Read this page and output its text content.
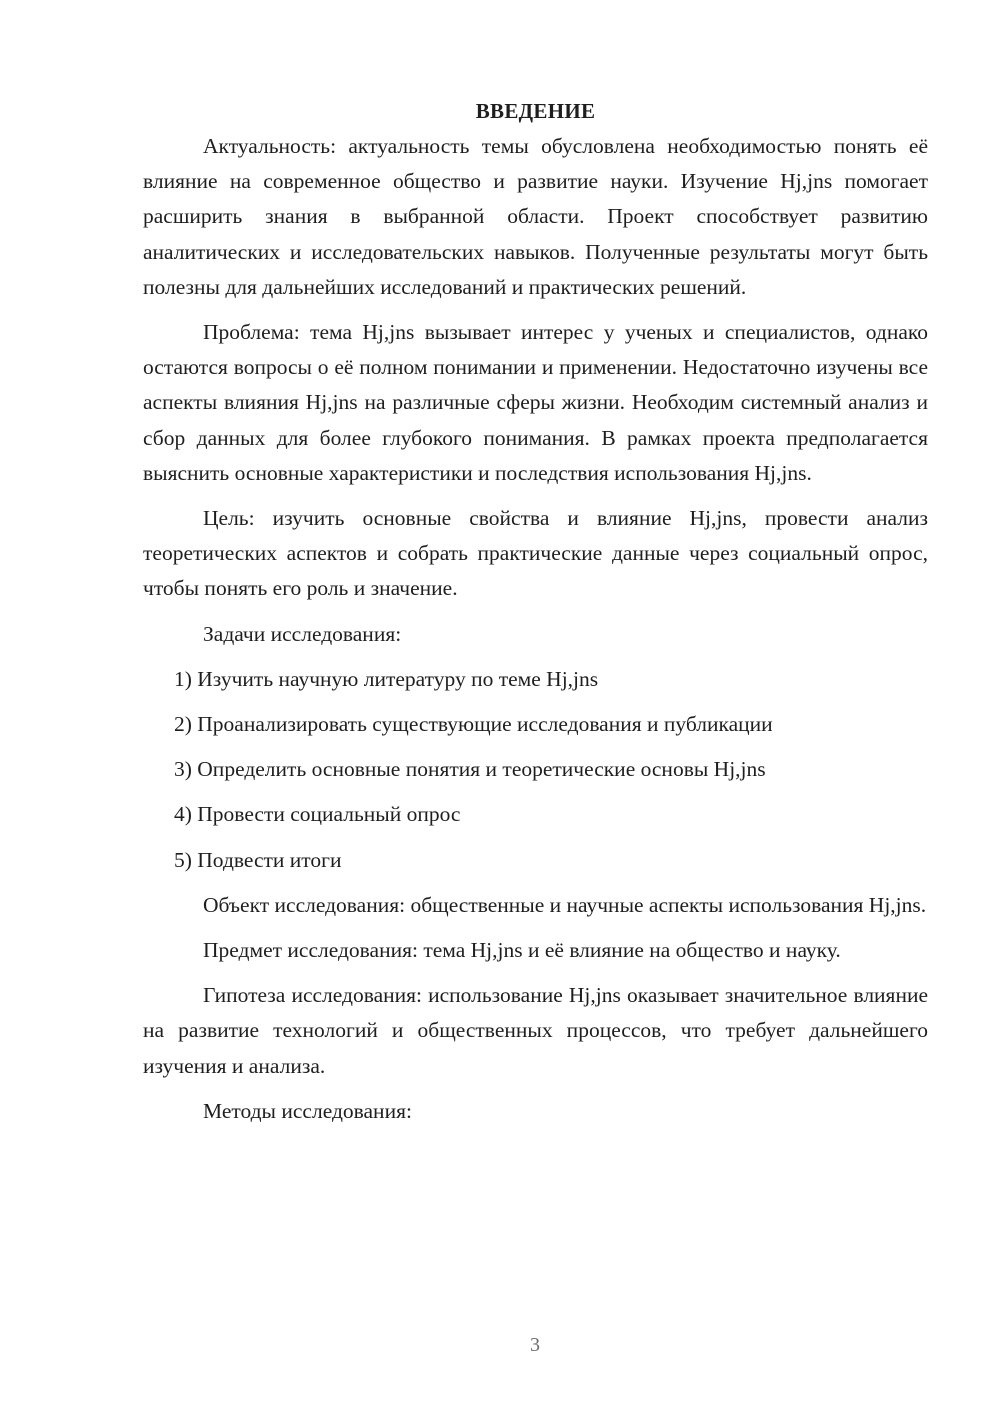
ВВЕДЕНИЕ

Актуальность: актуальность темы обусловлена необходимостью понять её влияние на современное общество и развитие науки. Изучение Hj,jns помогает расширить знания в выбранной области. Проект способствует развитию аналитических и исследовательских навыков. Полученные результаты могут быть полезны для дальнейших исследований и практических решений.

Проблема: тема Hj,jns вызывает интерес у ученых и специалистов, однако остаются вопросы о её полном понимании и применении. Недостаточно изучены все аспекты влияния Hj,jns на различные сферы жизни. Необходим системный анализ и сбор данных для более глубокого понимания. В рамках проекта предполагается выяснить основные характеристики и последствия использования Hj,jns.

Цель: изучить основные свойства и влияние Hj,jns, провести анализ теоретических аспектов и собрать практические данные через социальный опрос, чтобы понять его роль и значение.

Задачи исследования:

1) Изучить научную литературу по теме Hj,jns

2) Проанализировать существующие исследования и публикации

3) Определить основные понятия и теоретические основы Hj,jns

4) Провести социальный опрос

5) Подвести итоги

Объект исследования: общественные и научные аспекты использования Hj,jns.

Предмет исследования: тема Hj,jns и её влияние на общество и науку.

Гипотеза исследования: использование Hj,jns оказывает значительное влияние на развитие технологий и общественных процессов, что требует дальнейшего изучения и анализа.

Методы исследования:

3
